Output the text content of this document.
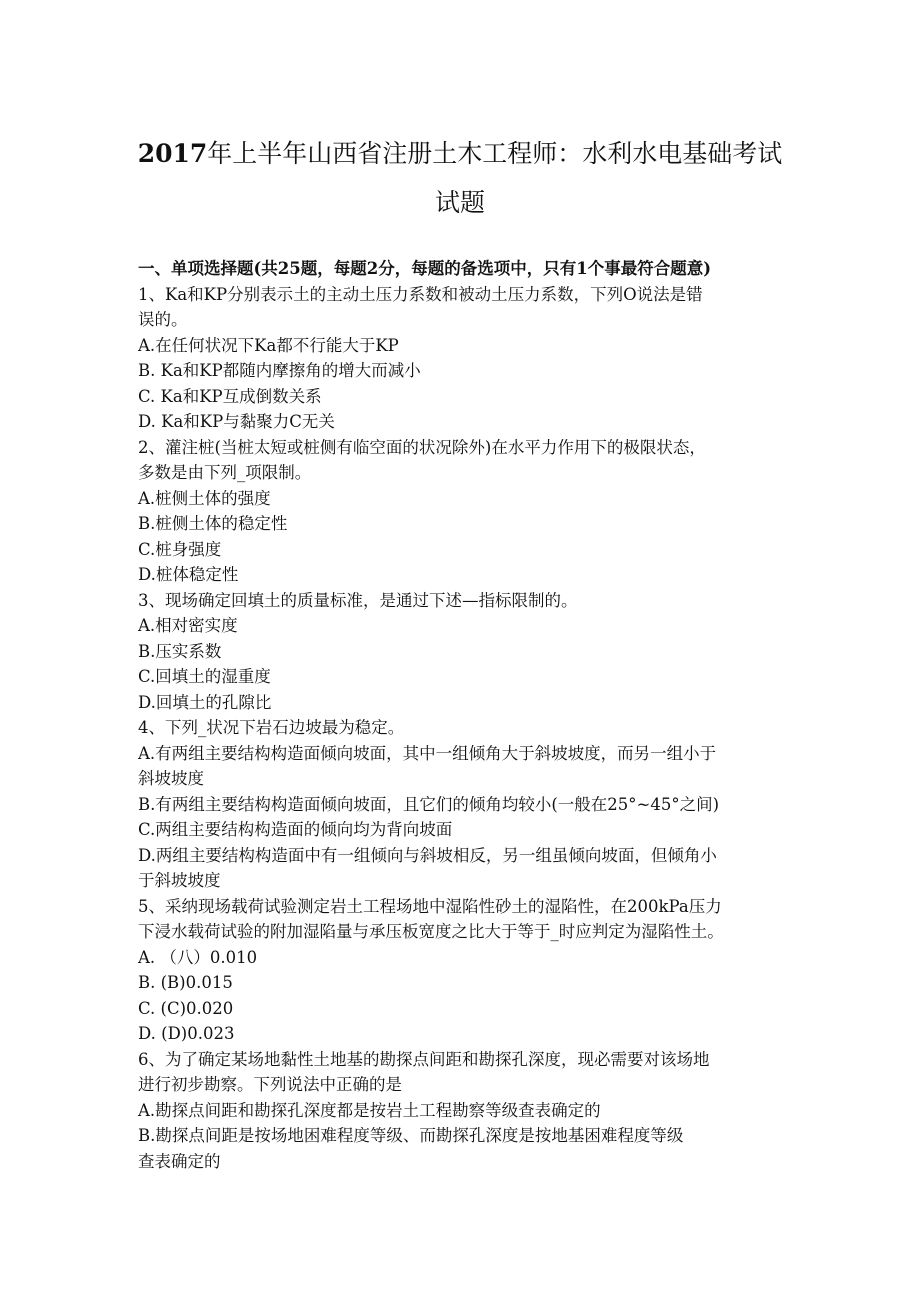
2017年上半年山西省注册土木工程师：水利水电基础考试
试题
一、单项选择题(共25题，每题2分，每题的备选项中，只有1个事最符合题意)
1、Ka和KP分别表示土的主动土压力系数和被动土压力系数，下列O说法是错
误的。
A.在任何状况下Ka都不行能大于KP
B. Ka和KP都随内摩擦角的增大而减小
C. Ka和KP互成倒数关系
D. Ka和KP与黏聚力C无关
2、灌注桩(当桩太短或桩侧有临空面的状况除外)在水平力作用下的极限状态，
多数是由下列_项限制。
A.桩侧土体的强度
B.桩侧土体的稳定性
C.桩身强度
D.桩体稳定性
3、现场确定回填土的质量标准，是通过下述—指标限制的。
A.相对密实度
B.压实系数
C.回填土的湿重度
D.回填土的孔隙比
4、下列_状况下岩石边坡最为稳定。
A.有两组主要结构构造面倾向坡面，其中一组倾角大于斜坡坡度，而另一组小于
斜坡坡度
B.有两组主要结构构造面倾向坡面，且它们的倾角均较小(一般在25°~45°之间)
C.两组主要结构构造面的倾向均为背向坡面
D.两组主要结构构造面中有一组倾向与斜坡相反，另一组虽倾向坡面，但倾角小
于斜坡坡度
5、采纳现场载荷试验测定岩土工程场地中湿陷性砂土的湿陷性，在200kPa压力
下浸水载荷试验的附加湿陷量与承压板宽度之比大于等于_时应判定为湿陷性土。
A. （八）0.010
B. (B)0.015
C. (C)0.020
D. (D)0.023
6、为了确定某场地黏性土地基的勘探点间距和勘探孔深度，现必需要对该场地
进行初步勘察。下列说法中正确的是
A.勘探点间距和勘探孔深度都是按岩土工程勘察等级查表确定的
B.勘探点间距是按场地困难程度等级、而勘探孔深度是按地基困难程度等级
查表确定的
